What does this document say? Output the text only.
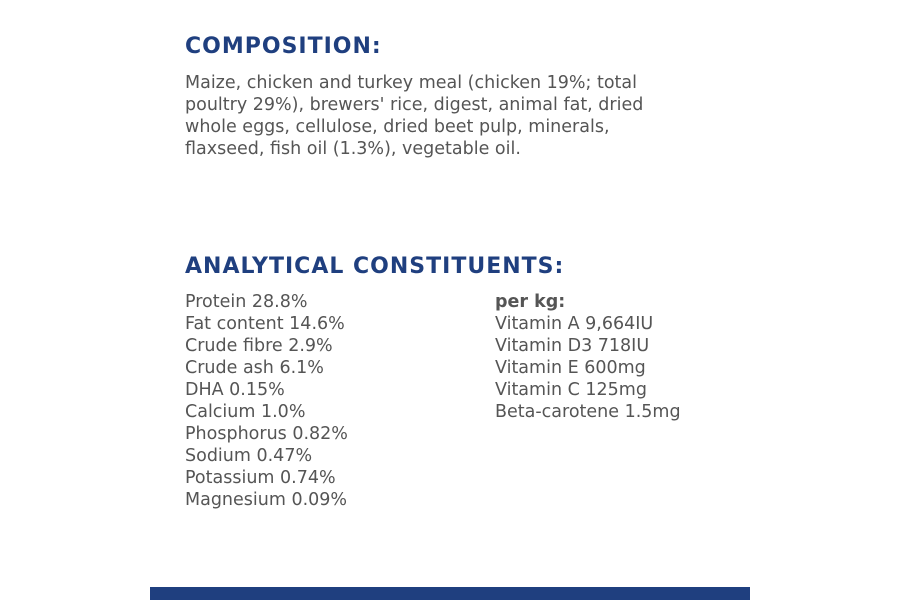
COMPOSITION:

Maize, chicken and turkey meal (chicken 19%; total
poultry 29%), brewers' rice, digest, animal fat, dried
whole eggs, cellulose, dried beet pulp, minerals,
flaxseed, fish oil (1.3%), vegetable oil.

ANALYTICAL CONSTITUENTS:
Protein 28.8%
Fat content 14.6%
Crude fibre 2.9%
Crude ash 6.1%
DHA 0.15%
Calcium 1.0%
Phosphorus 0.82%
Sodium 0.47%
Potassium 0.74%
Magnesium 0.09%
per kg:
Vitamin A 9,664IU
Vitamin D3 718IU
Vitamin E 600mg
Vitamin C 125mg
Beta-carotene 1.5mg
